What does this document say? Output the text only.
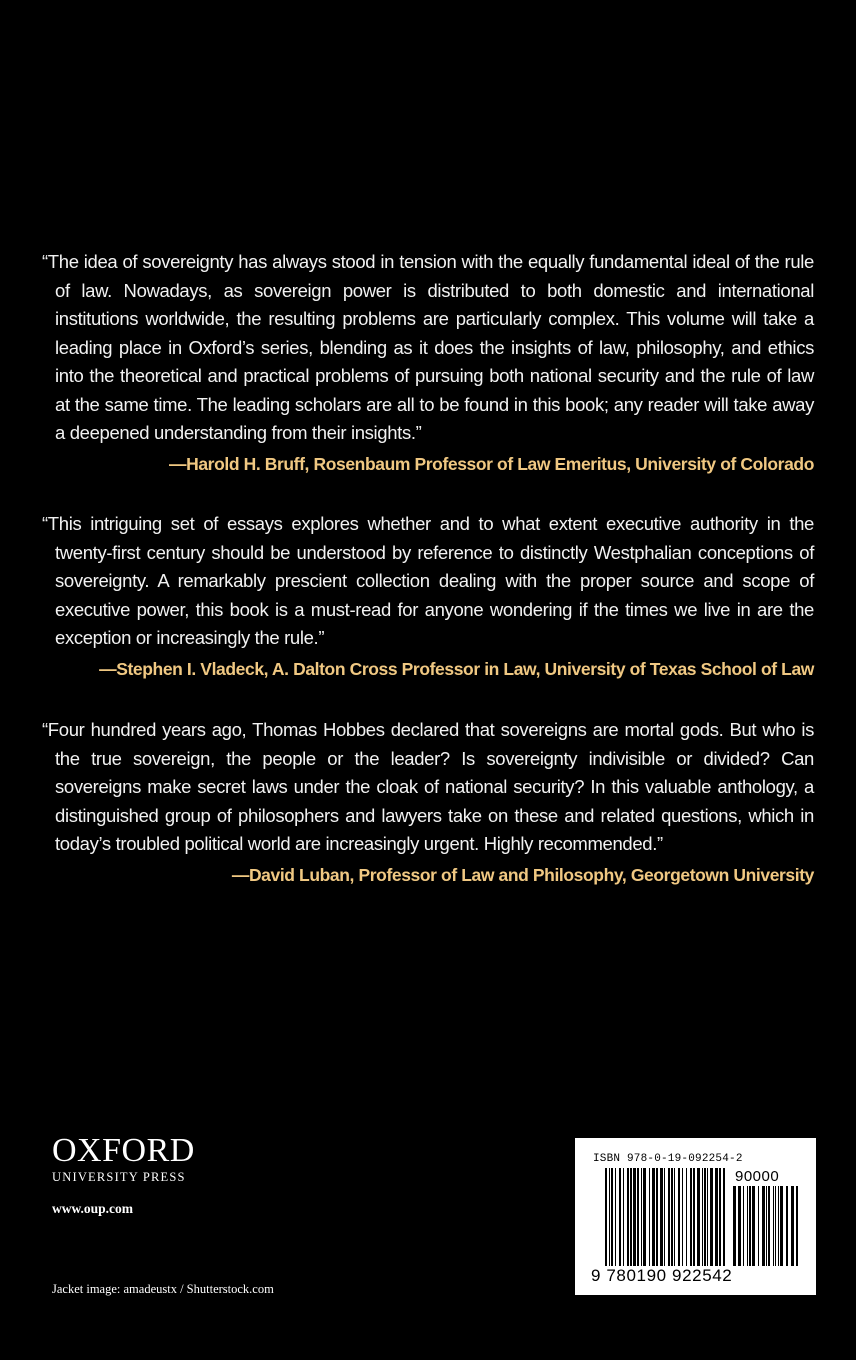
“The idea of sovereignty has always stood in tension with the equally fundamental ideal of the rule of law. Nowadays, as sovereign power is distributed to both domestic and international institutions worldwide, the resulting problems are particularly complex. This volume will take a leading place in Oxford’s series, blending as it does the insights of law, philosophy, and ethics into the theoretical and practical problems of pursuing both national security and the rule of law at the same time. The leading scholars are all to be found in this book; any reader will take away a deepened understanding from their insights.”

—Harold H. Bruff, Rosenbaum Professor of Law Emeritus, University of Colorado

“This intriguing set of essays explores whether and to what extent executive authority in the twenty-first century should be understood by reference to distinctly Westphalian conceptions of sovereignty. A remarkably prescient collection dealing with the proper source and scope of executive power, this book is a must-read for anyone wondering if the times we live in are the exception or increasingly the rule.”

—Stephen I. Vladeck, A. Dalton Cross Professor in Law, University of Texas School of Law

“Four hundred years ago, Thomas Hobbes declared that sovereigns are mortal gods. But who is the true sovereign, the people or the leader? Is sovereignty indivisible or divided? Can sovereigns make secret laws under the cloak of national security? In this valuable anthology, a distinguished group of philosophers and lawyers take on these and related questions, which in today’s troubled political world are increasingly urgent. Highly recommended.”

—David Luban, Professor of Law and Philosophy, Georgetown University

OXFORD
UNIVERSITY PRESS
www.oup.com
Jacket image: amadeustx / Shutterstock.com
ISBN 978-0-19-092254-2
90000
9 780190 922542
